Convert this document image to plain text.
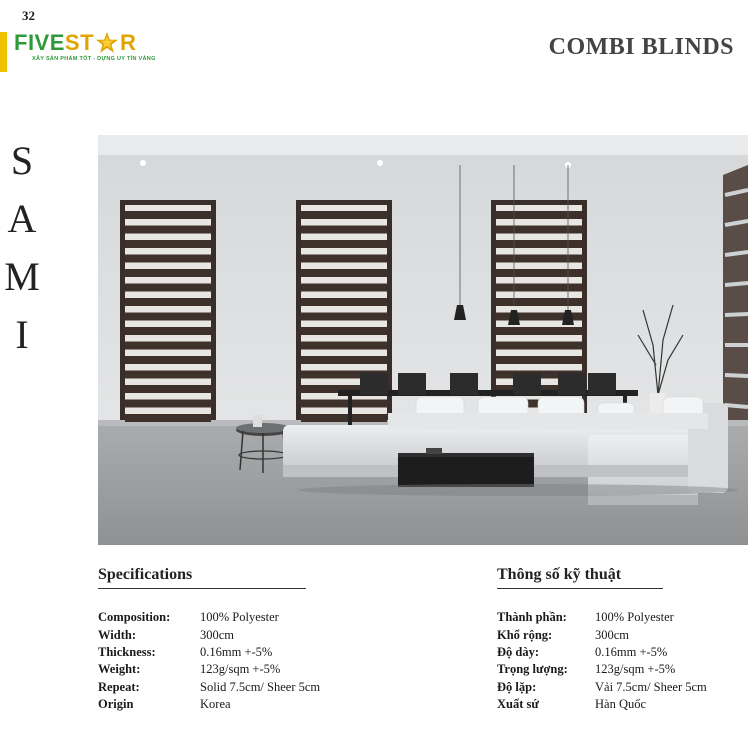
32
FIVE ST R
XÂY SẢN PHẨM TỐT - DỰNG UY TÍN VÀNG	COMBI BLINDS
S
A
M
I
Specifications
Composition:	100% Polyester
Width:	300cm
Thickness:	0.16mm +-5%
Weight:	123g/sqm +-5%
Repeat:	Solid 7.5cm/ Sheer 5cm
Origin	Korea
Thông số kỹ thuật
Thành phần:	100% Polyester
Khổ rộng:	300cm
Độ dày:	0.16mm +-5%
Trọng lượng:	123g/sqm +-5%
Độ lặp:	Vải 7.5cm/ Sheer 5cm
Xuất sứ	Hàn Quốc
